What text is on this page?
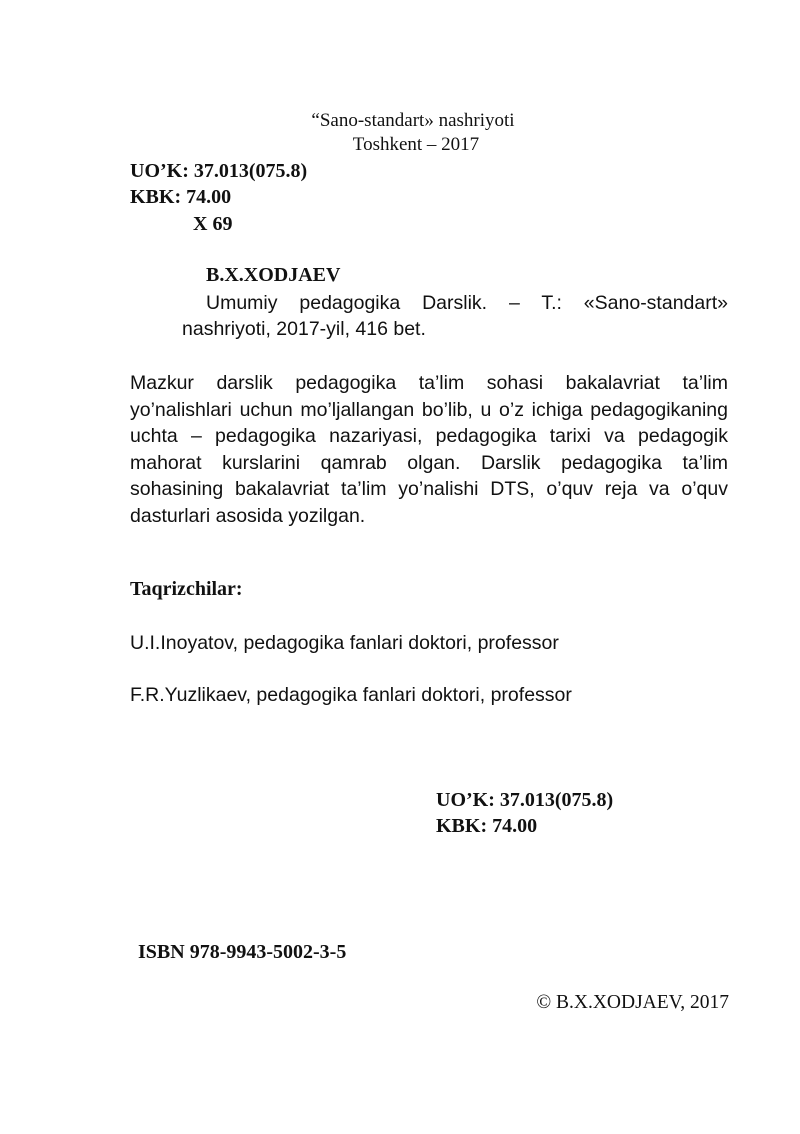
“Sano-standart» nashriyoti
Toshkent – 2017
UO’K: 37.013(075.8)
KBK: 74.00
X 69
B.X.XODJAEV
Umumiy pedagogika Darslik. – T.: «Sano-standart»
nashriyoti, 2017-yil, 416 bet.
Mazkur darslik pedagogika ta’lim sohasi bakalavriat ta’lim yo’nalishlari uchun mo’ljallangan bo’lib, u o’z ichiga pedagogikaning uchta – pedagogika nazariyasi, pedagogika tarixi va pedagogik mahorat kurslarini qamrab olgan. Darslik pedagogika ta’lim sohasining bakalavriat ta’lim yo’nalishi DTS, o’quv reja va o’quv dasturlari asosida yozilgan.
Taqrizchilar:
U.I.Inoyatov, pedagogika fanlari doktori, professor
F.R.Yuzlikaev, pedagogika fanlari doktori, professor
UO’K: 37.013(075.8)
KBK: 74.00
ISBN 978-9943-5002-3-5
© B.X.XODJAEV, 2017
